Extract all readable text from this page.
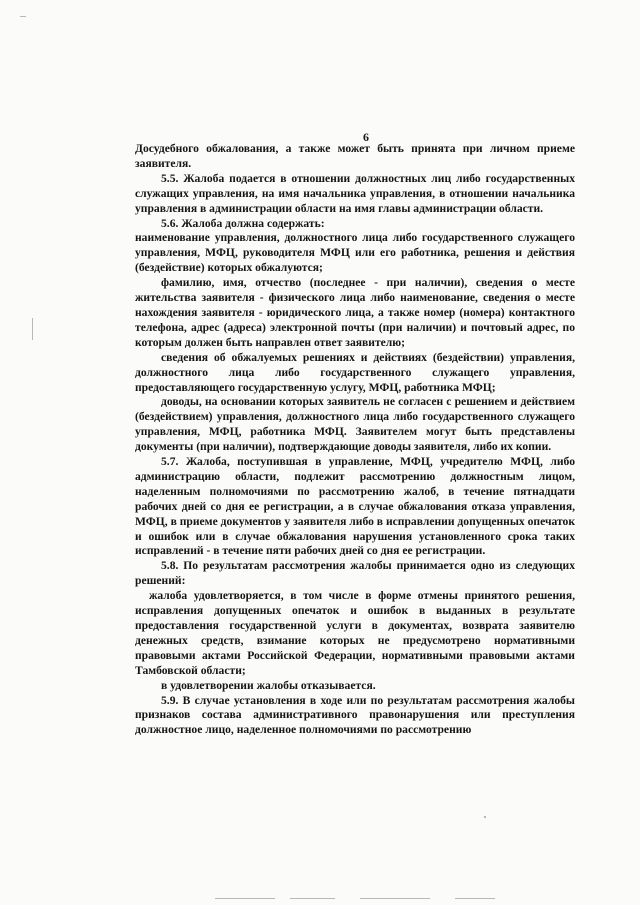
6

Досудебного обжалования, а также может быть принята при личном приеме заявителя.

5.5. Жалоба подается в отношении должностных лиц либо государственных служащих управления, на имя начальника управления, в отношении начальника управления в администрации области на имя главы администрации области.

5.6. Жалоба должна содержать:

наименование управления, должностного лица либо государственного служащего управления, МФЦ, руководителя МФЦ или его работника, решения и действия (бездействие) которых обжалуются;

фамилию, имя, отчество (последнее - при наличии), сведения о месте жительства заявителя - физического лица либо наименование, сведения о месте нахождения заявителя - юридического лица, а также номер (номера) контактного телефона, адрес (адреса) электронной почты (при наличии) и почтовый адрес, по которым должен быть направлен ответ заявителю;

сведения об обжалуемых решениях и действиях (бездействии) управления, должностного лица либо государственного служащего управления, предоставляющего государственную услугу, МФЦ, работника МФЦ;

доводы, на основании которых заявитель не согласен с решением и действием (бездействием) управления, должностного лица либо государственного служащего управления, МФЦ, работника МФЦ. Заявителем могут быть представлены документы (при наличии), подтверждающие доводы заявителя, либо их копии.

5.7. Жалоба, поступившая в управление, МФЦ, учредителю МФЦ, либо администрацию области, подлежит рассмотрению должностным лицом, наделенным полномочиями по рассмотрению жалоб, в течение пятнадцати рабочих дней со дня ее регистрации, а в случае обжалования отказа управления, МФЦ, в приеме документов у заявителя либо в исправлении допущенных опечаток и ошибок или в случае обжалования нарушения установленного срока таких исправлений - в течение пяти рабочих дней со дня ее регистрации.

5.8. По результатам рассмотрения жалобы принимается одно из следующих решений:

жалоба удовлетворяется, в том числе в форме отмены принятого решения, исправления допущенных опечаток и ошибок в выданных в результате предоставления государственной услуги в документах, возврата заявителю денежных средств, взимание которых не предусмотрено нормативными правовыми актами Российской Федерации, нормативными правовыми актами Тамбовской области;

в удовлетворении жалобы отказывается.

5.9. В случае установления в ходе или по результатам рассмотрения жалобы признаков состава административного правонарушения или преступления должностное лицо, наделенное полномочиями по рассмотрению
